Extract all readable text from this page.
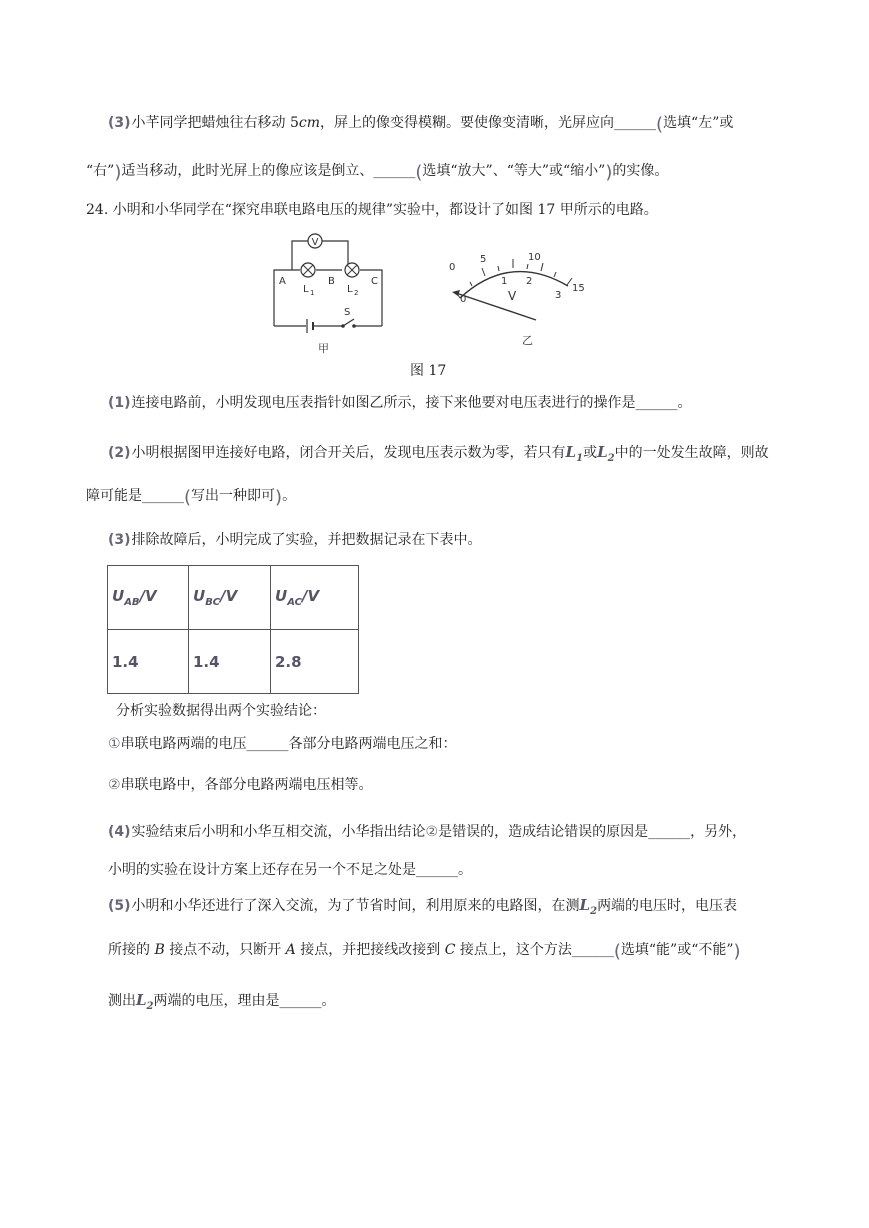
(3)小芊同学把蜡烛往右移动 5cm，屏上的像变得模糊。要使像变清晰，光屏应向______(选填“左”或
“右”)适当移动，此时光屏上的像应该是倒立、______(选填“放大”、“等大”或“缩小”)的实像。
24. 小明和小华同学在“探究串联电路电压的规律”实验中，都设计了如图 17 甲所示的电路。
V
A	B	C
L 1	L 2
S
甲
0
5	10
15
0
1 2
3
V
乙
图 17
(1)连接电路前，小明发现电压表指针如图乙所示，接下来他要对电压表进行的操作是______。
(2)小明根据图甲连接好电路，闭合开关后，发现电压表示数为零，若只有$L_1$或$L_2$中的一处发生故障，则故
障可能是______(写出一种即可)。
(3)排除故障后，小明完成了实验，并把数据记录在下表中。
$U_{AB}/V$	$U_{BC}/V$	$U_{AC}/V$
1.4	1.4	2.8
分析实验数据得出两个实验结论：
①串联电路两端的电压______各部分电路两端电压之和：
②串联电路中，各部分电路两端电压相等。
(4)实验结束后小明和小华互相交流，小华指出结论②是错误的，造成结论错误的原因是______，另外，
小明的实验在设计方案上还存在另一个不足之处是______。
(5)小明和小华还进行了深入交流，为了节省时间，利用原来的电路图，在测$L_2$两端的电压时，电压表
所接的 B 接点不动，只断开 A 接点，并把接线改接到 C 接点上，这个方法______(选填“能”或“不能”)
测出$L_2$两端的电压，理由是______。
